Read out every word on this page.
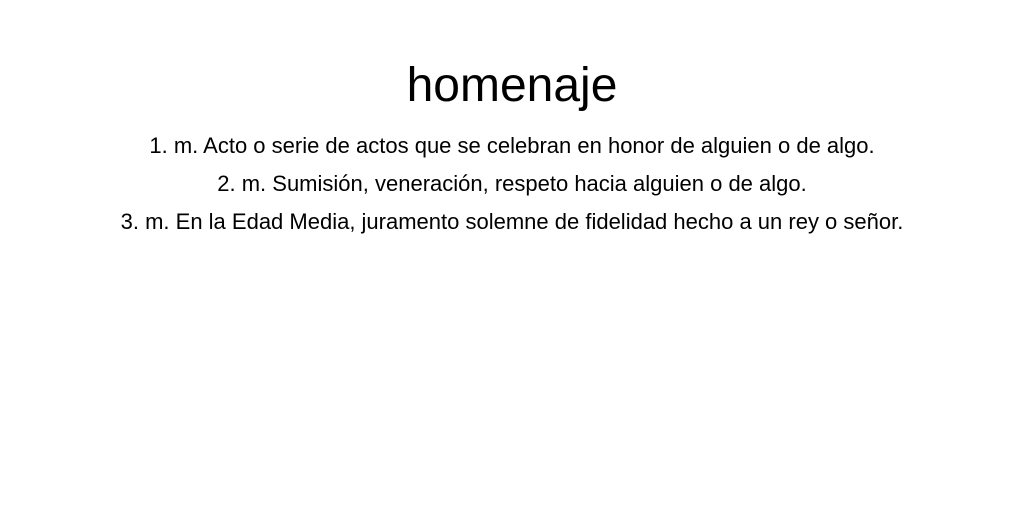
homenaje
1. m. Acto o serie de actos que se celebran en honor de alguien o de algo.
2. m. Sumisión, veneración, respeto hacia alguien o de algo.
3. m. En la Edad Media, juramento solemne de fidelidad hecho a un rey o señor.
